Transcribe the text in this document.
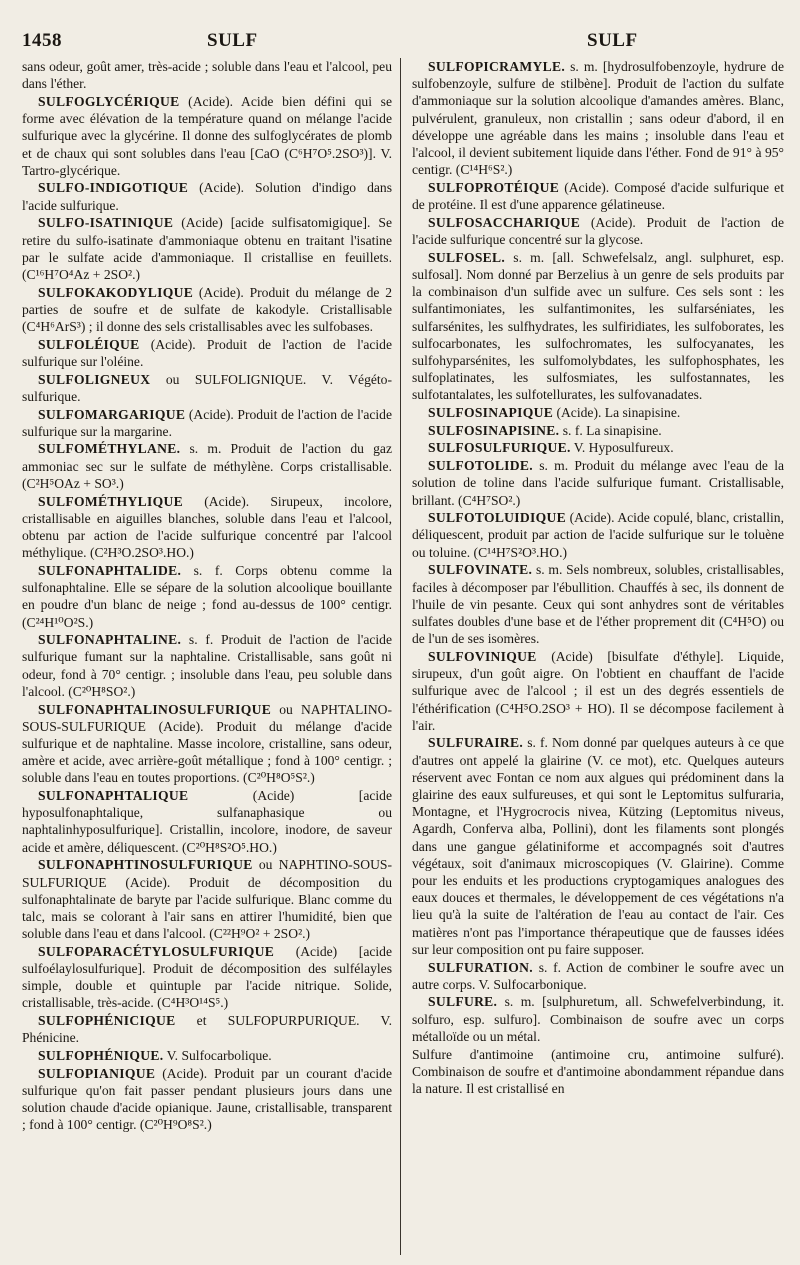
1458	SULF	SULF

sans odeur, goût amer, très-acide ; soluble dans l'eau et l'alcool, peu dans l'éther.

SULFOGLYCÉRIQUE (Acide). Acide bien défini qui se forme avec élévation de la température quand on mélange l'acide sulfurique avec la glycérine. Il donne des sulfoglycérates de plomb et de chaux qui sont solubles dans l'eau [CaO (C⁶H⁷O⁵.2SO³)]. V. Tartro-glycérique.

SULFO-INDIGOTIQUE (Acide). Solution d'indigo dans l'acide sulfurique.

SULFO-ISATINIQUE (Acide) [acide sulfisatomigique]. Se retire du sulfo-isatinate d'ammoniaque obtenu en traitant l'isatine par le sulfate acide d'ammoniaque. Il cristallise en feuillets. (C¹⁶H⁷O⁴Az + 2SO².)

SULFOKAKODYLIQUE (Acide). Produit du mélange de 2 parties de soufre et de sulfate de kakodyle. Cristallisable (C⁴H⁶ArS³) ; il donne des sels cristallisables avec les sulfobases.

SULFOLÉIQUE (Acide). Produit de l'action de l'acide sulfurique sur l'oléine.

SULFOLIGNEUX ou SULFOLIGNIQUE. V. Végéto-sulfurique.

SULFOMARGARIQUE (Acide). Produit de l'action de l'acide sulfurique sur la margarine.

SULFOMÉTHYLANE. s. m. Produit de l'action du gaz ammoniac sec sur le sulfate de méthylène. Corps cristallisable. (C²H⁵OAz + SO³.)

SULFOMÉTHYLIQUE (Acide). Sirupeux, incolore, cristallisable en aiguilles blanches, soluble dans l'eau et l'alcool, obtenu par action de l'acide sulfurique concentré par l'alcool méthylique. (C²H³O.2SO³.HO.)

SULFONAPHTALIDE. s. f. Corps obtenu comme la sulfonaphtaline. Elle se sépare de la solution alcoolique bouillante en poudre d'un blanc de neige ; fond au-dessus de 100° centigr. (C²⁴H¹⁰O²S.)

SULFONAPHTALINE. s. f. Produit de l'action de l'acide sulfurique fumant sur la naphtaline. Cristallisable, sans goût ni odeur, fond à 70° centigr. ; insoluble dans l'eau, peu soluble dans l'alcool. (C²⁰H⁸SO².)

SULFONAPHTALINOSULFURIQUE ou NAPHTALINO-SOUS-SULFURIQUE (Acide). Produit du mélange d'acide sulfurique et de naphtaline. Masse incolore, cristalline, sans odeur, amère et acide, avec arrière-goût métallique ; fond à 100° centigr. ; soluble dans l'eau en toutes proportions. (C²⁰H⁸O⁵S².)

SULFONAPHTALIQUE (Acide) [acide hyposulfonaphtalique, sulfanaphasique ou naphtalinhyposulfurique]. Cristallin, incolore, inodore, de saveur acide et amère, déliquescent. (C²⁰H⁸S²O⁵.HO.)

SULFONAPHTINOSULFURIQUE ou NAPHTINO-SOUS-SULFURIQUE (Acide). Produit de décomposition du sulfonaphtalinate de baryte par l'acide sulfurique. Blanc comme du talc, mais se colorant à l'air sans en attirer l'humidité, bien que soluble dans l'eau et dans l'alcool. (C²²H⁹O² + 2SO².)

SULFOPARACÉTYLOSULFURIQUE (Acide) [acide sulfoélaylosulfurique]. Produit de décomposition des sulfélayles simple, double et quintuple par l'acide nitrique. Solide, cristallisable, très-acide. (C⁴H³O¹⁴S⁵.)

SULFOPHÉNICIQUE et SULFOPURPURIQUE. V. Phénicine.

SULFOPHÉNIQUE. V. Sulfocarbolique.

SULFOPIANIQUE (Acide). Produit par un courant d'acide sulfurique qu'on fait passer pendant plusieurs jours dans une solution chaude d'acide opianique. Jaune, cristallisable, transparent ; fond à 100° centigr. (C²⁰H⁹O⁸S².)

SULFOPICRAMYLE. s. m. [hydrosulfobenzoyle, hydrure de sulfobenzoyle, sulfure de stilbène]. Produit de l'action du sulfate d'ammoniaque sur la solution alcoolique d'amandes amères. Blanc, pulvérulent, granuleux, non cristallin ; sans odeur d'abord, il en développe une agréable dans les mains ; insoluble dans l'eau et l'alcool, il devient subitement liquide dans l'éther. Fond de 91° à 95° centigr. (C¹⁴H⁶S².)

SULFOPROTÉIQUE (Acide). Composé d'acide sulfurique et de protéine. Il est d'une apparence gélatineuse.

SULFOSACCHARIQUE (Acide). Produit de l'action de l'acide sulfurique concentré sur la glycose.

SULFOSEL. s. m. [all. Schwefelsalz, angl. sulphuret, esp. sulfosal]. Nom donné par Berzelius à un genre de sels produits par la combinaison d'un sulfide avec un sulfure. Ces sels sont : les sulfantimoniates, les sulfantimonites, les sulfarséniates, les sulfarsénites, les sulfhydrates, les sulfiridiates, les sulfoborates, les sulfocarbonates, les sulfochromates, les sulfocyanates, les sulfohyparsénites, les sulfomolybdates, les sulfophosphates, les sulfoplatinates, les sulfosmiates, les sulfostannates, les sulfotantalates, les sulfotellurates, les sulfovanadates.

SULFOSINAPIQUE (Acide). La sinapisine.

SULFOSINAPISINE. s. f. La sinapisine.

SULFOSULFURIQUE. V. Hyposulfureux.

SULFOTOLIDE. s. m. Produit du mélange avec l'eau de la solution de toline dans l'acide sulfurique fumant. Cristallisable, brillant. (C⁴H⁷SO².)

SULFOTOLUIDIQUE (Acide). Acide copulé, blanc, cristallin, déliquescent, produit par action de l'acide sulfurique sur le toluène ou toluine. (C¹⁴H⁷S²O³.HO.)

SULFOVINATE. s. m. Sels nombreux, solubles, cristallisables, faciles à décomposer par l'ébullition. Chauffés à sec, ils donnent de l'huile de vin pesante. Ceux qui sont anhydres sont de véritables sulfates doubles d'une base et de l'éther proprement dit (C⁴H⁵O) ou de l'un de ses isomères.

SULFOVINIQUE (Acide) [bisulfate d'éthyle]. Liquide, sirupeux, d'un goût aigre. On l'obtient en chauffant de l'acide sulfurique avec de l'alcool ; il est un des degrés essentiels de l'éthérification (C⁴H⁵O.2SO³ + HO). Il se décompose facilement à l'air.

SULFURAIRE. s. f. Nom donné par quelques auteurs à ce que d'autres ont appelé la glairine (V. ce mot), etc. Quelques auteurs réservent avec Fontan ce nom aux algues qui prédominent dans la glairine des eaux sulfureuses, et qui sont le Leptomitus sulfuraria, Montagne, et l'Hygrocrocis nivea, Kützing (Leptomitus niveus, Agardh, Conferva alba, Pollini), dont les filaments sont plongés dans une gangue gélatiniforme et accompagnés soit d'autres végétaux, soit d'animaux microscopiques (V. Glairine). Comme pour les enduits et les productions cryptogamiques analogues des eaux douces et thermales, le développement de ces végétations n'a lieu qu'à la suite de l'altération de l'eau au contact de l'air. Ces matières n'ont pas l'importance thérapeutique que de fausses idées sur leur composition ont pu faire supposer.

SULFURATION. s. f. Action de combiner le soufre avec un autre corps. V. Sulfocarbonique.

SULFURE. s. m. [sulphuretum, all. Schwefelverbindung, it. solfuro, esp. sulfuro]. Combinaison de soufre avec un corps métalloïde ou un métal.

Sulfure d'antimoine (antimoine cru, antimoine sulfuré). Combinaison de soufre et d'antimoine abondamment répandue dans la nature. Il est cristallisé en
